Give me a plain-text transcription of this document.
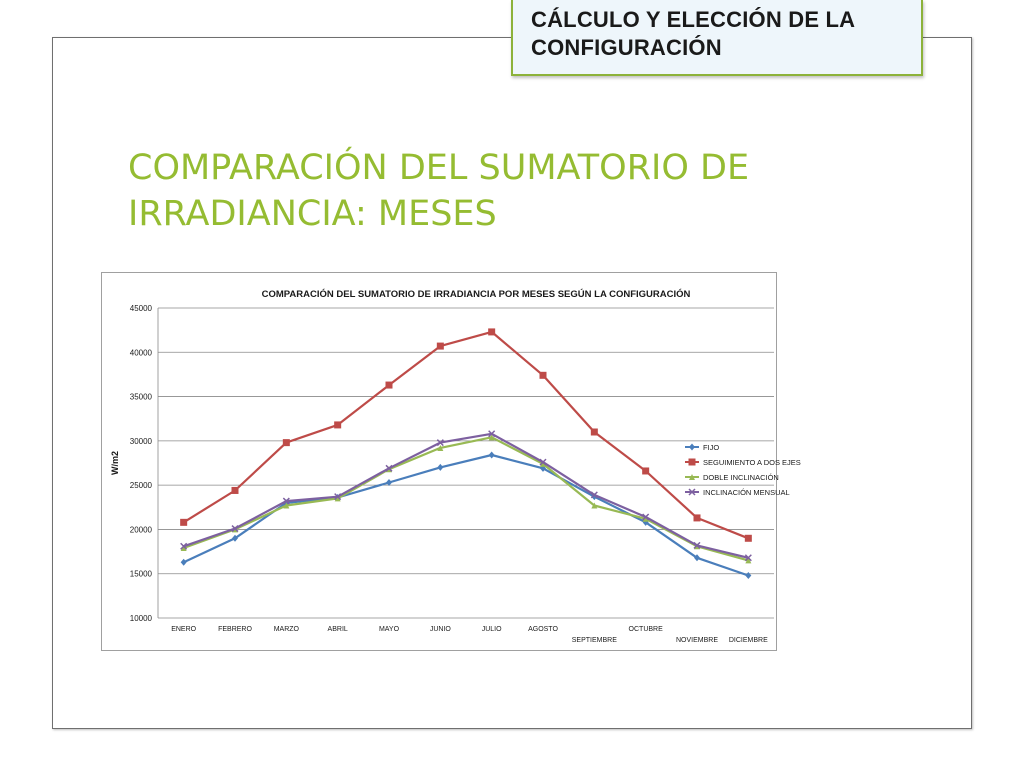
CÁLCULO Y ELECCIÓN DE LA CONFIGURACIÓN
COMPARACIÓN DEL SUMATORIO DE IRRADIANCIA: MESES
COMPARACIÓN DEL SUMATORIO DE IRRADIANCIA POR MESES SEGÚN LA CONFIGURACIÓN
W/m2
10000
15000
20000
25000
30000
35000
40000
45000
ENERO	FEBRERO	MARZO	ABRIL	MAYO	JUNIO	JULIO	AGOSTO
SEPTIEMBRE
OCTUBRE
NOVIEMBRE DICIEMBRE
FIJO
SEGUIMIENTO A DOS EJES
DOBLE INCLINACIÓN
INCLINACIÓN MENSUAL
